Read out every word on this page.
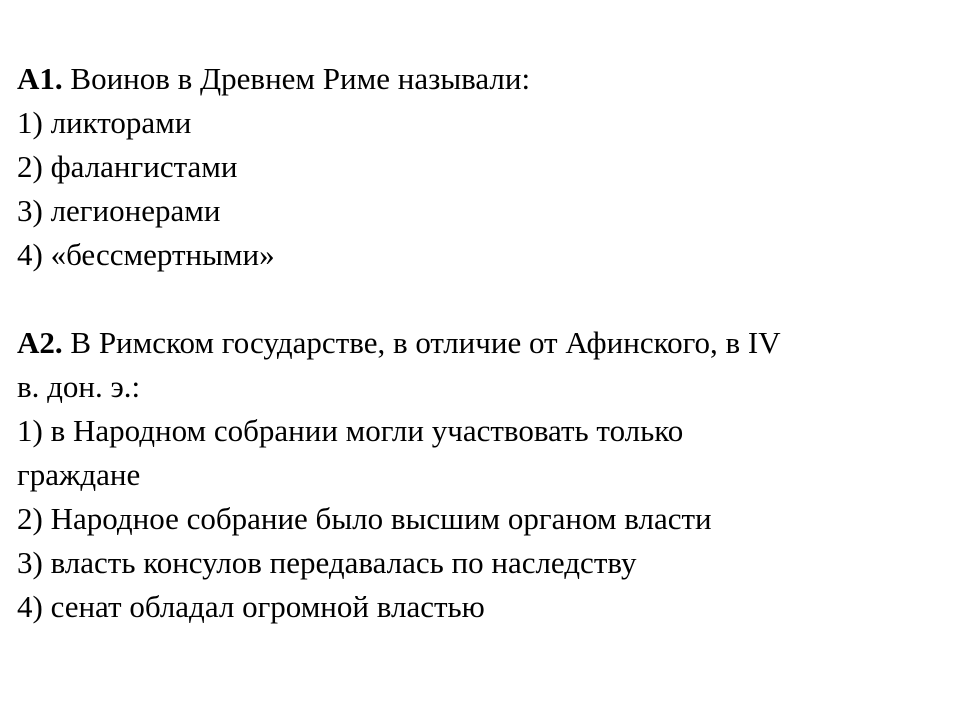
А1. Воинов в Древнем Риме называли:
1) ликторами
2) фалангистами
3) легионерами
4) «бессмертными»
А2. В Римском государстве, в отличие от Афинского, в IV
в. дон. э.:
1) в Народном собрании могли участвовать только
граждане
2) Народное собрание было высшим органом власти
3) власть консулов передавалась по наследству
4) сенат обладал огромной властью
